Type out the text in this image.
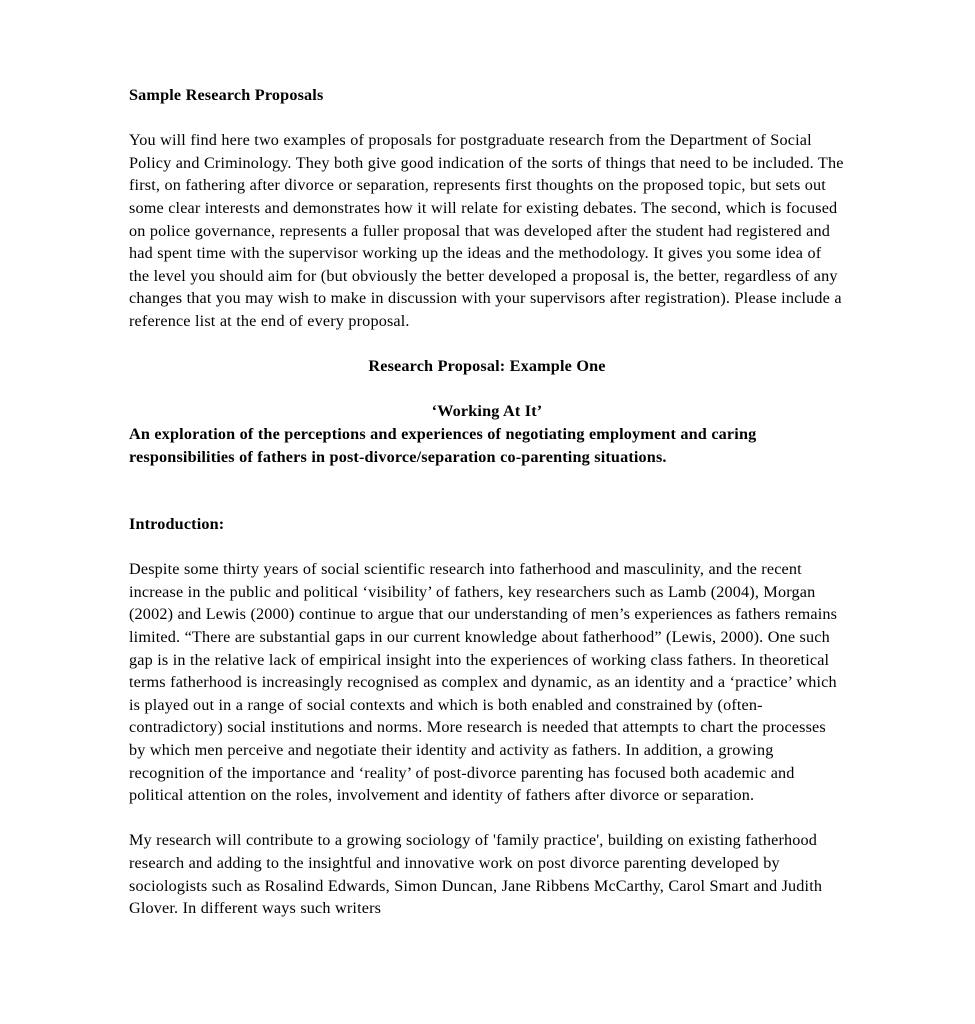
Sample Research Proposals

You will find here two examples of proposals for postgraduate research from the Department of Social Policy and Criminology. They both give good indication of the sorts of things that need to be included. The first, on fathering after divorce or separation, represents first thoughts on the proposed topic, but sets out some clear interests and demonstrates how it will relate for existing debates. The second, which is focused on police governance, represents a fuller proposal that was developed after the student had registered and had spent time with the supervisor working up the ideas and the methodology. It gives you some idea of the level you should aim for (but obviously the better developed a proposal is, the better, regardless of any changes that you may wish to make in discussion with your supervisors after registration). Please include a reference list at the end of every proposal.

Research Proposal: Example One
‘Working At It’
An exploration of the perceptions and experiences of negotiating employment and caring responsibilities of fathers in post-divorce/separation co-parenting situations.
Introduction:

Despite some thirty years of social scientific research into fatherhood and masculinity, and the recent increase in the public and political ‘visibility’ of fathers, key researchers such as Lamb (2004), Morgan (2002) and Lewis (2000) continue to argue that our understanding of men’s experiences as fathers remains limited. “There are substantial gaps in our current knowledge about fatherhood” (Lewis, 2000). One such gap is in the relative lack of empirical insight into the experiences of working class fathers. In theoretical terms fatherhood is increasingly recognised as complex and dynamic, as an identity and a ‘practice’ which is played out in a range of social contexts and which is both enabled and constrained by (often-contradictory) social institutions and norms. More research is needed that attempts to chart the processes by which men perceive and negotiate their identity and activity as fathers. In addition, a growing recognition of the importance and ‘reality’ of post-divorce parenting has focused both academic and political attention on the roles, involvement and identity of fathers after divorce or separation.

My research will contribute to a growing sociology of 'family practice', building on existing fatherhood research and adding to the insightful and innovative work on post divorce parenting developed by sociologists such as Rosalind Edwards, Simon Duncan, Jane Ribbens McCarthy, Carol Smart and Judith Glover. In different ways such writers
